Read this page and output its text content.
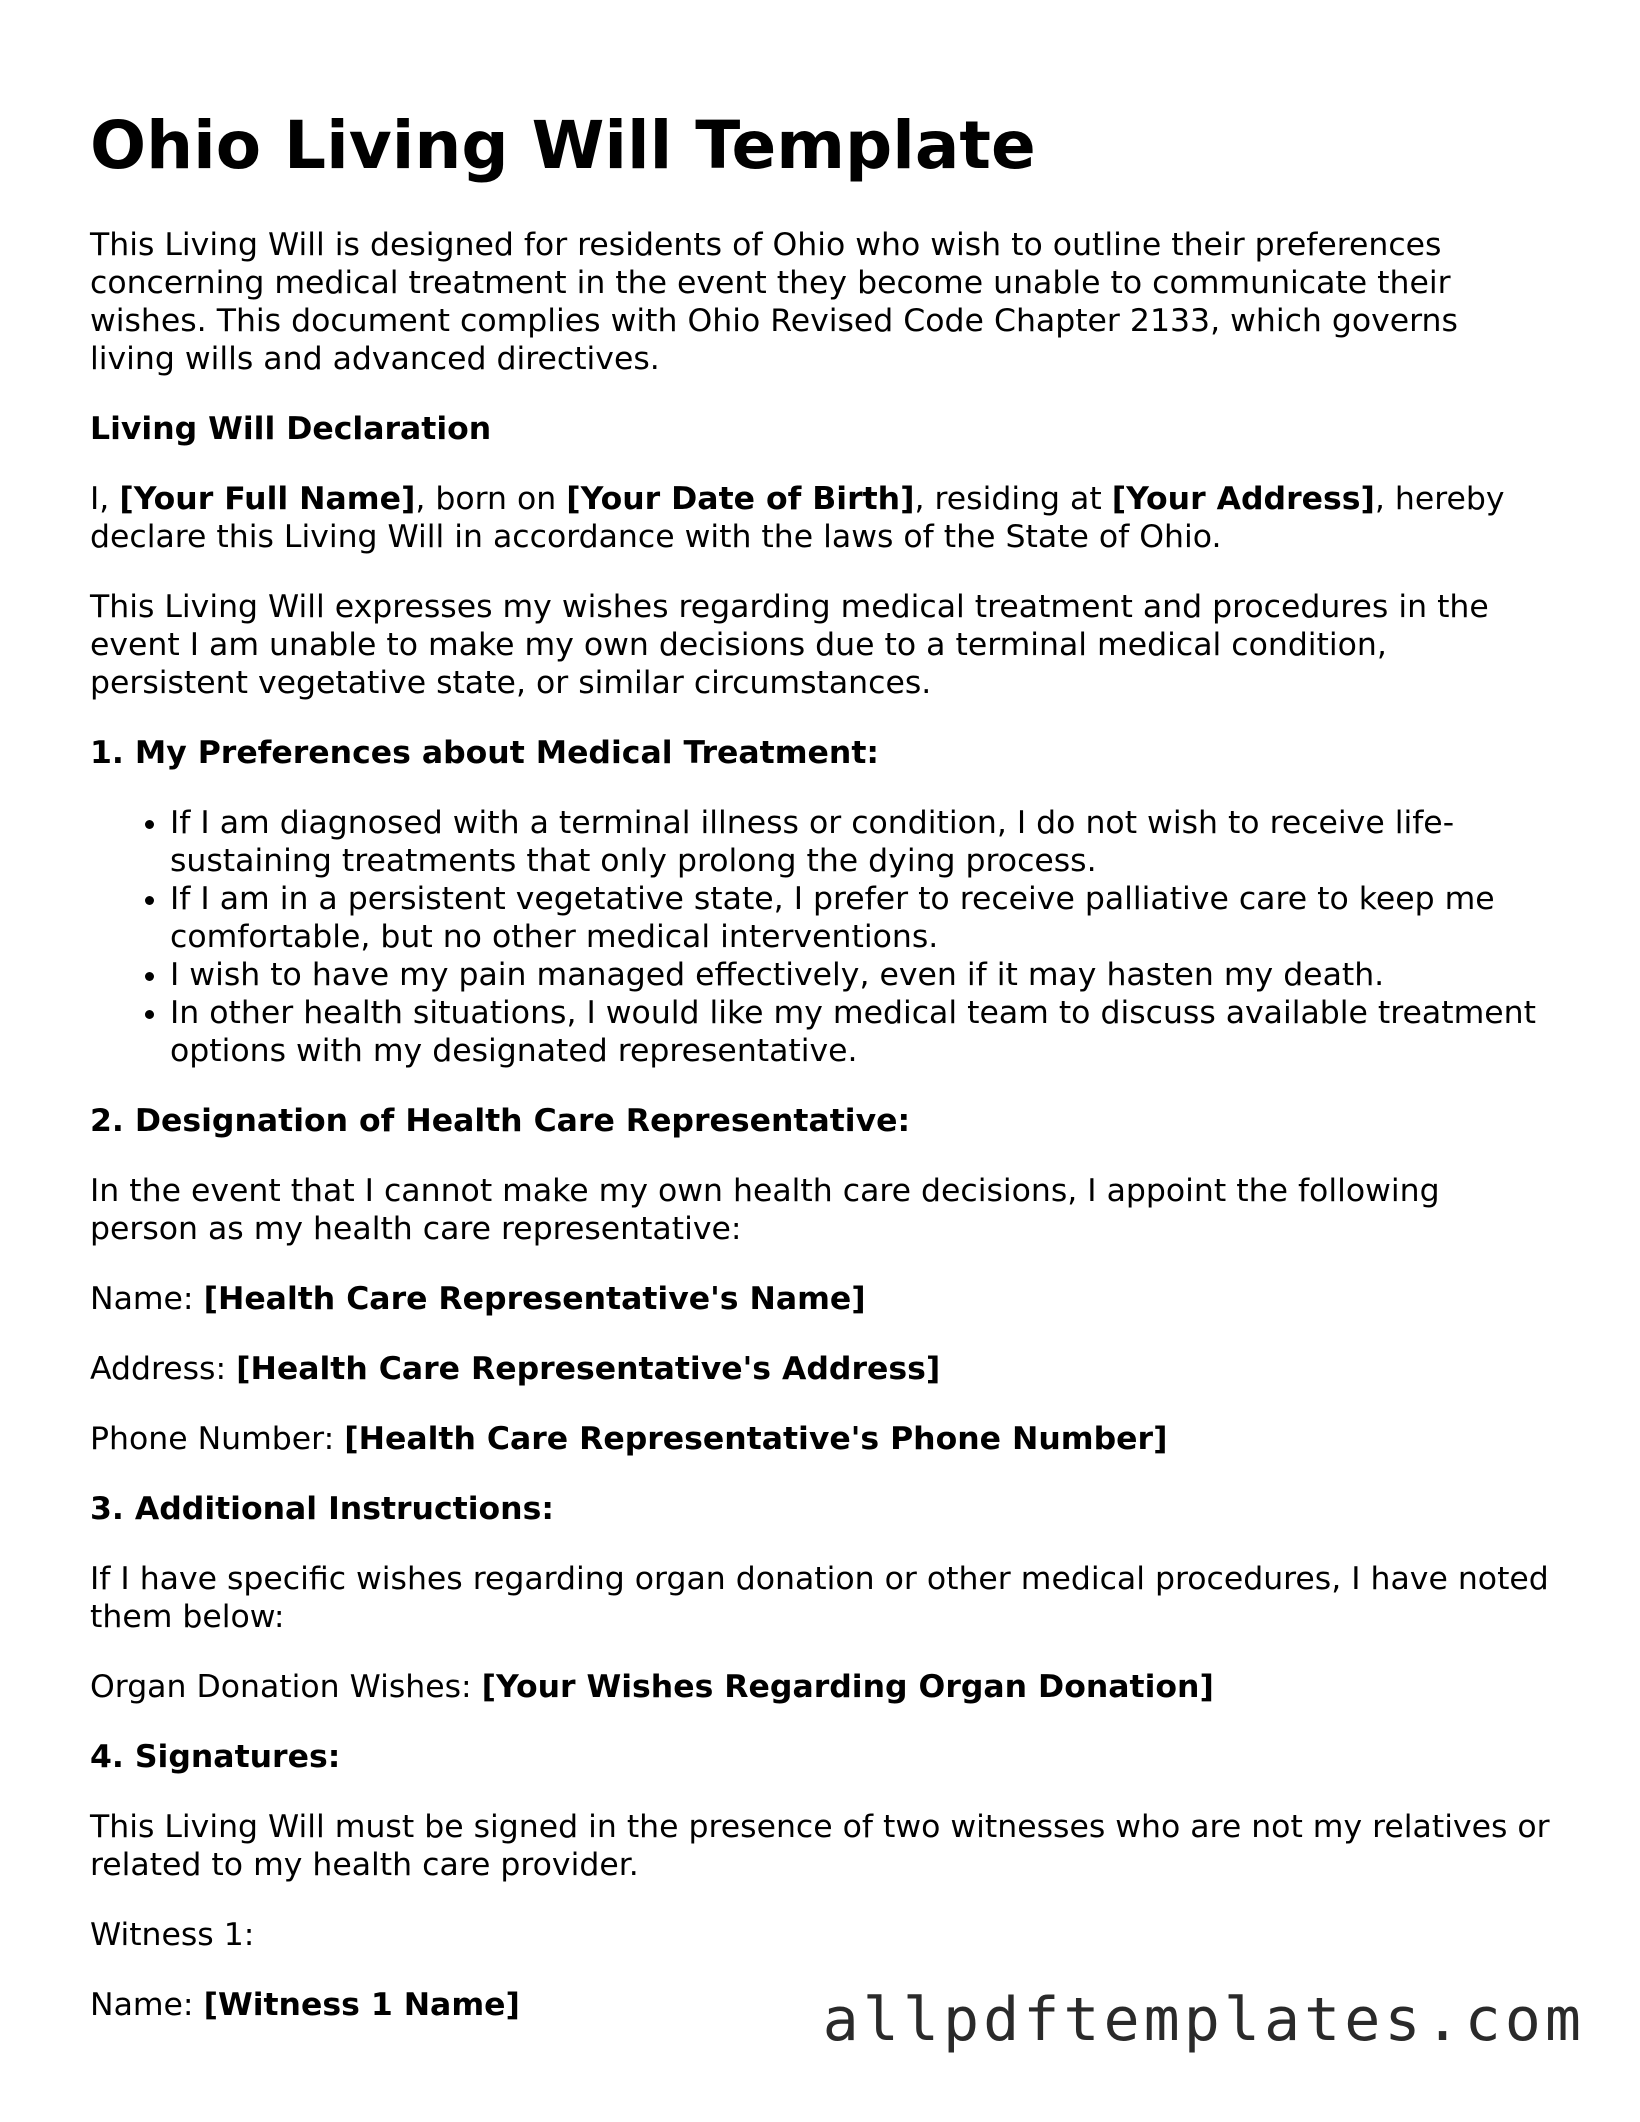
Ohio Living Will Template

This Living Will is designed for residents of Ohio who wish to outline their preferences concerning medical treatment in the event they become unable to communicate their wishes. This document complies with Ohio Revised Code Chapter 2133, which governs living wills and advanced directives.

Living Will Declaration

I, [Your Full Name], born on [Your Date of Birth], residing at [Your Address], hereby declare this Living Will in accordance with the laws of the State of Ohio.

This Living Will expresses my wishes regarding medical treatment and procedures in the event I am unable to make my own decisions due to a terminal medical condition, persistent vegetative state, or similar circumstances.

1. My Preferences about Medical Treatment:
• If I am diagnosed with a terminal illness or condition, I do not wish to receive life-sustaining treatments that only prolong the dying process.
• If I am in a persistent vegetative state, I prefer to receive palliative care to keep me comfortable, but no other medical interventions.
• I wish to have my pain managed effectively, even if it may hasten my death.
• In other health situations, I would like my medical team to discuss available treatment options with my designated representative.
2. Designation of Health Care Representative:

In the event that I cannot make my own health care decisions, I appoint the following person as my health care representative:

Name: [Health Care Representative's Name]

Address: [Health Care Representative's Address]

Phone Number: [Health Care Representative's Phone Number]

3. Additional Instructions:

If I have specific wishes regarding organ donation or other medical procedures, I have noted them below:

Organ Donation Wishes: [Your Wishes Regarding Organ Donation]

4. Signatures:

This Living Will must be signed in the presence of two witnesses who are not my relatives or related to my health care provider.

Witness 1:

Name: [Witness 1 Name]	allpdftemplates.com
